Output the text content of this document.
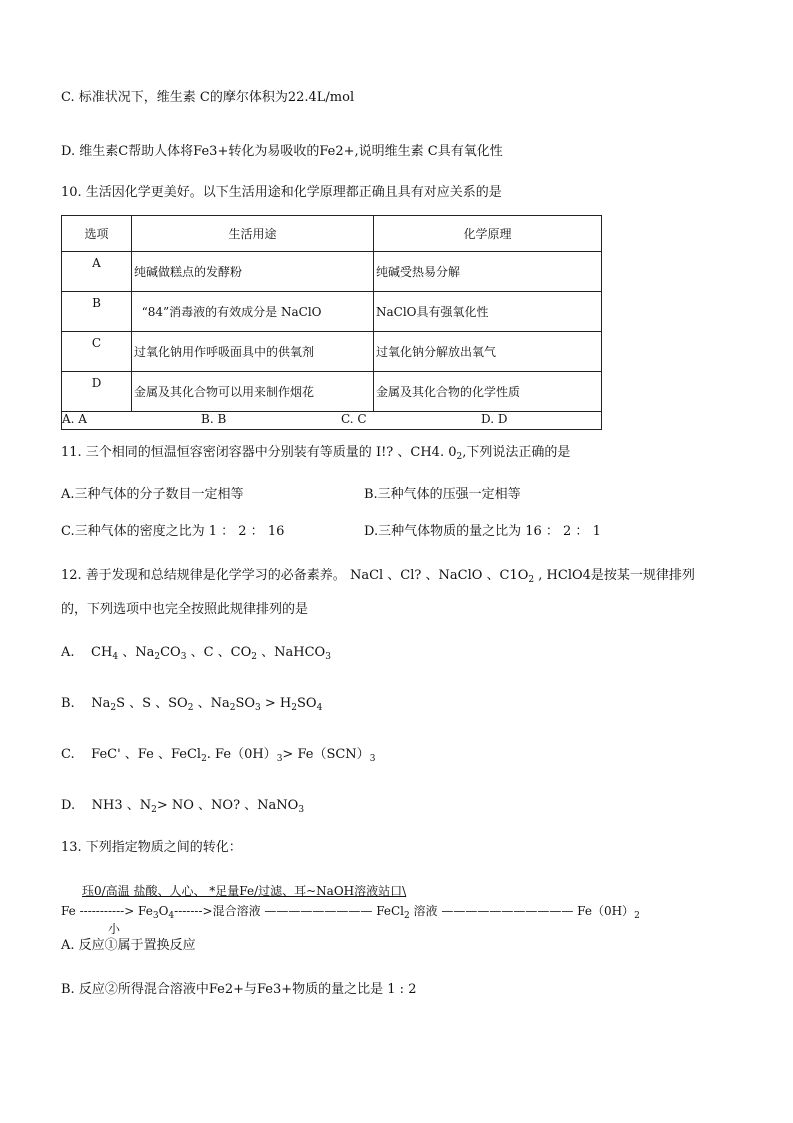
C. 标准状况下，维生素 C的摩尔体积为22.4L/mol
D. 维生素C帮助人体将Fe3+转化为易吸收的Fe2+,说明维生素 C具有氧化性
10. 生活因化学更美好。以下生活用途和化学原理都正确且具有对应关系的是
选项	生活用途	化学原理
A	纯碱做糕点的发酵粉	纯碱受热易分解
B	“84”消毒液的有效成分是 NaClO	NaClO具有强氧化性
C	过氧化钠用作呼吸面具中的供氧剂	过氧化钠分解放出氧气
D	金属及其化合物可以用来制作烟花	金属及其化合物的化学性质

A. A B. B C. C D. D		
11. 三个相同的恒温恒容密闭容器中分别装有等质量的 I!? 、CH4. $0_2$,下列说法正确的是
A.三种气体的分子数目一定相等	B.三种气体的压强一定相等
C.三种气体的密度之比为 1 ： 2 ： 16	D.三种气体物质的量之比为 16 ： 2 ： 1
12. 善于发现和总结规律是化学学习的必备素养。 NaCl 、Cl? 、NaClO 、$C1O_2$ , HClO4是按某一规律排列
的，下列选项中也完全按照此规律排列的是
A.    $CH_4$ 、$Na_2CO_3$ 、C 、$CO_2$ 、NaHCO$_3$
B.    $Na_2S$ 、S 、$SO_2$ 、$Na_2SO_3 > H_2SO_4$
C.    FeC' 、Fe 、FeCl$_2$. $Fe(0H)_3> Fe(SCN)_3$
D.    NH3 、$N_2>$ NO 、NO? 、NaNO$_3$
13. 下列指定物质之间的转化：
珏0/高温 盐酸、人心、 *足量Fe/过滤、耳~NaOH溶液站口\
Fe -----------> $Fe_3O_4------->$混合溶液 ————————— FeCl$_2$ 溶液 ——————————— $Fe(0H)_2$
小
A. 反应①属于置换反应
B. 反应②所得混合溶液中Fe2+与Fe3+物质的量之比是 1 : 2
